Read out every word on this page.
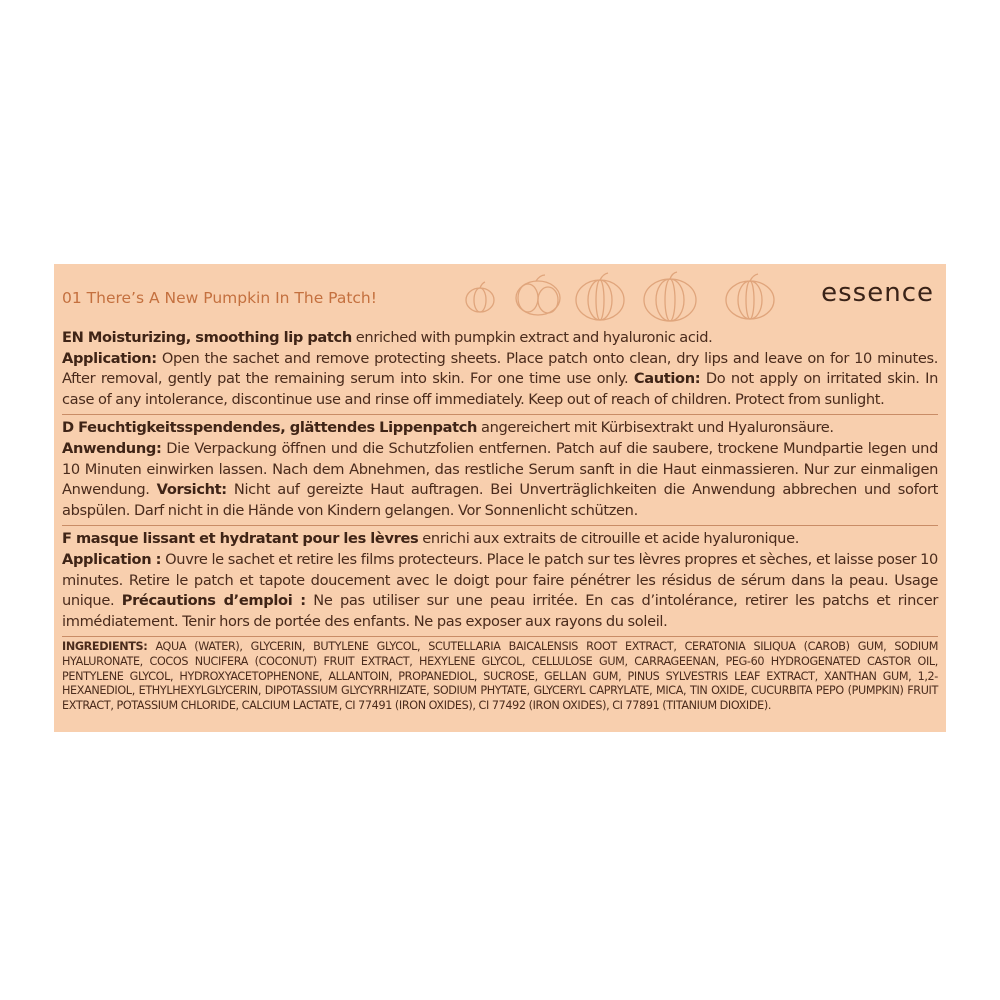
01 There’s A New Pumpkin In The Patch!	essence

EN Moisturizing, smoothing lip patch enriched with pumpkin extract and hyaluronic acid.
Application: Open the sachet and remove protecting sheets. Place patch onto clean, dry lips and leave on for 10 minutes. After removal, gently pat the remaining serum into skin. For one time use only. Caution: Do not apply on irritated skin. In case of any intolerance, discontinue use and rinse off immediately. Keep out of reach of children. Protect from sunlight.

D Feuchtigkeitsspendendes, glättendes Lippenpatch angereichert mit Kürbisextrakt und Hyaluronsäure.
Anwendung: Die Verpackung öffnen und die Schutzfolien entfernen. Patch auf die saubere, trockene Mundpartie legen und 10 Minuten einwirken lassen. Nach dem Abnehmen, das restliche Serum sanft in die Haut einmassieren. Nur zur einmaligen Anwendung. Vorsicht: Nicht auf gereizte Haut auftragen. Bei Unverträglichkeiten die Anwendung abbrechen und sofort abspülen. Darf nicht in die Hände von Kindern gelangen. Vor Sonnenlicht schützen.

F masque lissant et hydratant pour les lèvres enrichi aux extraits de citrouille et acide hyaluronique.
Application : Ouvre le sachet et retire les films protecteurs. Place le patch sur tes lèvres propres et sèches, et laisse poser 10 minutes. Retire le patch et tapote doucement avec le doigt pour faire pénétrer les résidus de sérum dans la peau. Usage unique. Précautions d’emploi : Ne pas utiliser sur une peau irritée. En cas d’intolérance, retirer les patchs et rincer immédiatement. Tenir hors de portée des enfants. Ne pas exposer aux rayons du soleil.

INGREDIENTS: AQUA (WATER), GLYCERIN, BUTYLENE GLYCOL, SCUTELLARIA BAICALENSIS ROOT EXTRACT, CERATONIA SILIQUA (CAROB) GUM, SODIUM HYALURONATE, COCOS NUCIFERA (COCONUT) FRUIT EXTRACT, HEXYLENE GLYCOL, CELLULOSE GUM, CARRAGEENAN, PEG-60 HYDROGENATED CASTOR OIL, PENTYLENE GLYCOL, HYDROXYACETOPHENONE, ALLANTOIN, PROPANEDIOL, SUCROSE, GELLAN GUM, PINUS SYLVESTRIS LEAF EXTRACT, XANTHAN GUM, 1,2-HEXANEDIOL, ETHYLHEXYLGLYCERIN, DIPOTASSIUM GLYCYRRHIZATE, SODIUM PHYTATE, GLYCERYL CAPRYLATE, MICA, TIN OXIDE, CUCURBITA PEPO (PUMPKIN) FRUIT EXTRACT, POTASSIUM CHLORIDE, CALCIUM LACTATE, CI 77491 (IRON OXIDES), CI 77492 (IRON OXIDES), CI 77891 (TITANIUM DIOXIDE).
